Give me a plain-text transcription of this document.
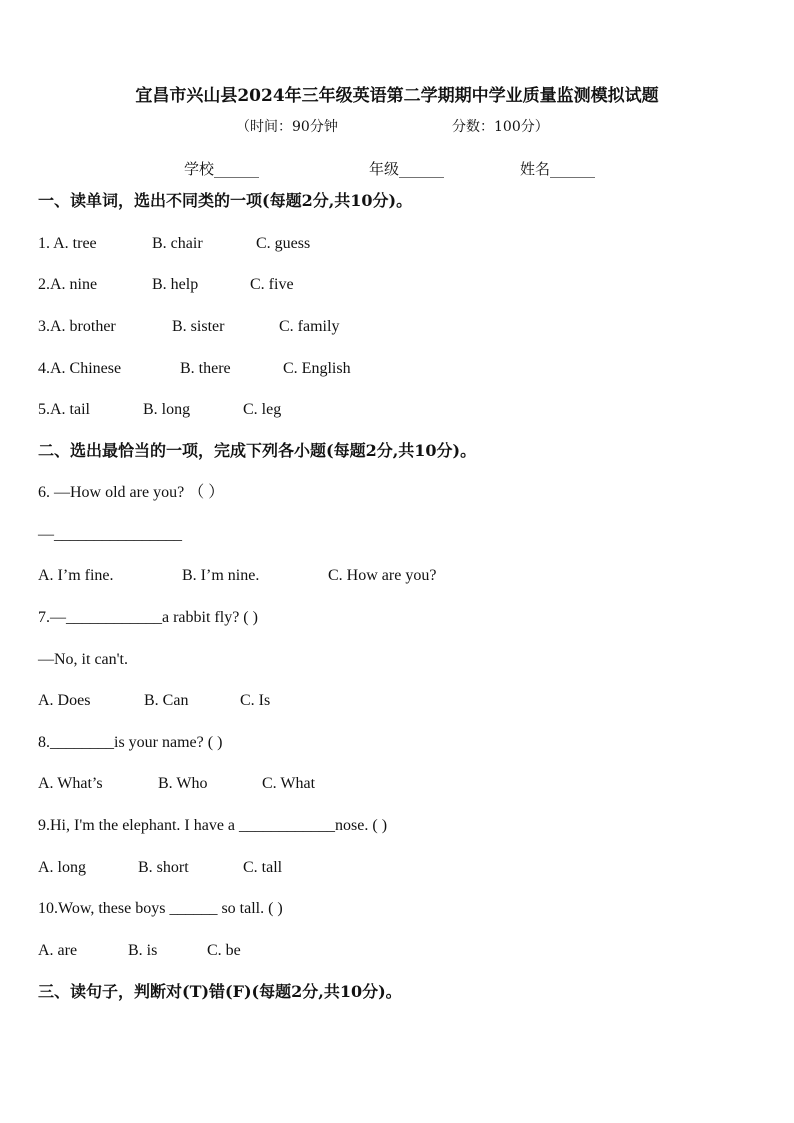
宜昌市兴山县2024年三年级英语第二学期期中学业质量监测模拟试题
（时间：90分钟	分数：100分）
学校______	年级______	姓名______
一、读单词，选出不同类的一项(每题2分,共10分)。
1. A. tree	B. chair	C. guess
2.A. nine	B. help	C. five
3.A. brother	B. sister	C. family
4.A. Chinese	B. there	C. English
5.A. tail	B. long	C. leg
二、选出最恰当的一项，完成下列各小题(每题2分,共10分)。
6. —How old are you? （ ）
—________________
A. I’m fine.	B. I’m nine.	C. How are you?
7.—____________a rabbit fly? ( )
—No, it can't.
A. Does	B. Can	C. Is
8.________is your name? ( )
A. What’s	B. Who	C. What
9.Hi, I'm the elephant. I have a ____________nose. ( )
A. long	B. short	C. tall
10.Wow, these boys ______ so tall. ( )
A. are	B. is	C. be
三、读句子，判断对(T)错(F)(每题2分,共10分)。
